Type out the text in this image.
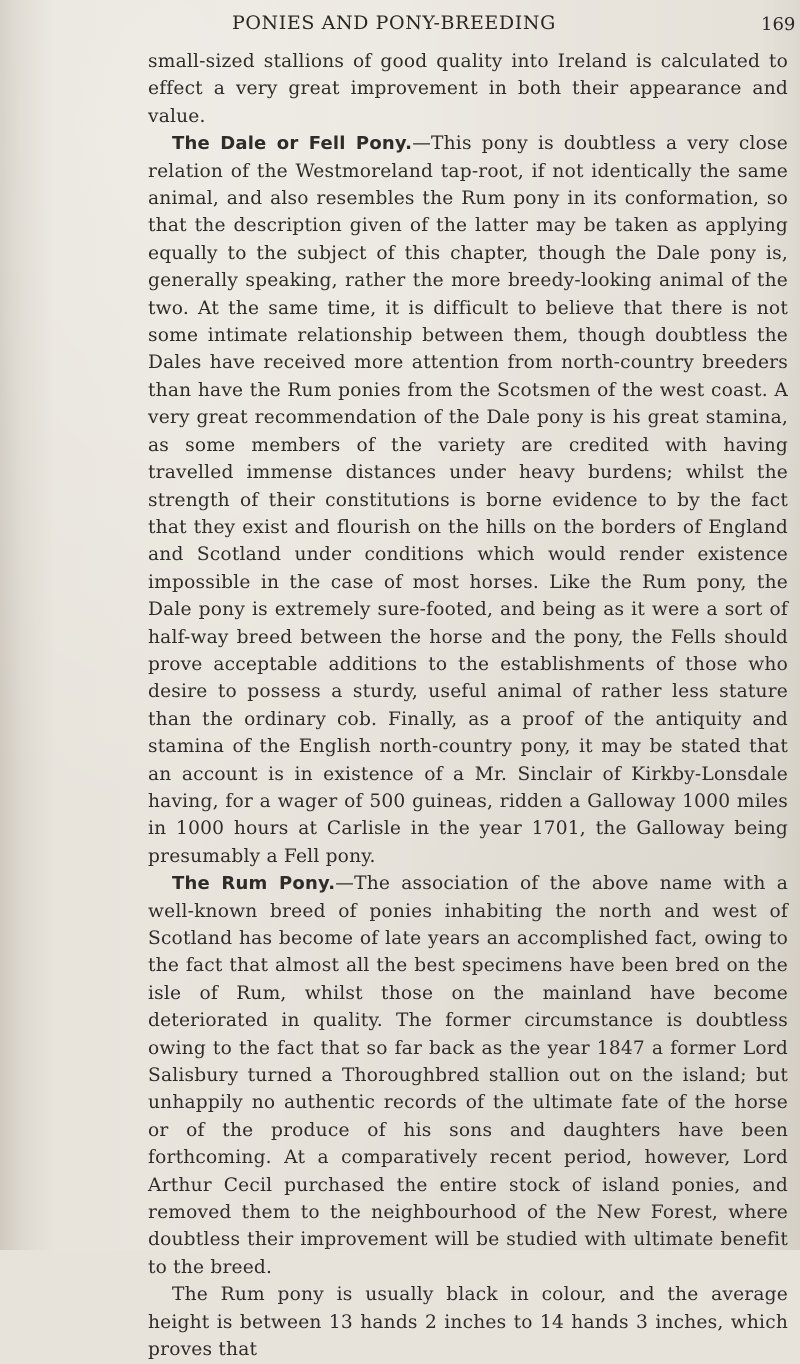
PONIES AND PONY-BREEDING	169

small-sized stallions of good quality into Ireland is calculated to effect a very great improvement in both their appearance and value.

The Dale or Fell Pony.—This pony is doubtless a very close relation of the Westmoreland tap-root, if not identically the same animal, and also resembles the Rum pony in its conformation, so that the description given of the latter may be taken as applying equally to the subject of this chapter, though the Dale pony is, generally speaking, rather the more breedy-looking animal of the two. At the same time, it is difficult to believe that there is not some intimate relationship between them, though doubtless the Dales have received more attention from north-country breeders than have the Rum ponies from the Scotsmen of the west coast. A very great recommendation of the Dale pony is his great stamina, as some members of the variety are credited with having travelled immense distances under heavy burdens; whilst the strength of their constitutions is borne evidence to by the fact that they exist and flourish on the hills on the borders of England and Scotland under conditions which would render existence impossible in the case of most horses. Like the Rum pony, the Dale pony is extremely sure-footed, and being as it were a sort of half-way breed between the horse and the pony, the Fells should prove acceptable additions to the establishments of those who desire to possess a sturdy, useful animal of rather less stature than the ordinary cob. Finally, as a proof of the antiquity and stamina of the English north-country pony, it may be stated that an account is in existence of a Mr. Sinclair of Kirkby-Lonsdale having, for a wager of 500 guineas, ridden a Galloway 1000 miles in 1000 hours at Carlisle in the year 1701, the Galloway being presumably a Fell pony.

The Rum Pony.—The association of the above name with a well-known breed of ponies inhabiting the north and west of Scotland has become of late years an accomplished fact, owing to the fact that almost all the best specimens have been bred on the isle of Rum, whilst those on the mainland have become deteriorated in quality. The former circumstance is doubtless owing to the fact that so far back as the year 1847 a former Lord Salisbury turned a Thoroughbred stallion out on the island; but unhappily no authentic records of the ultimate fate of the horse or of the produce of his sons and daughters have been forthcoming. At a comparatively recent period, however, Lord Arthur Cecil purchased the entire stock of island ponies, and removed them to the neighbourhood of the New Forest, where doubtless their improvement will be studied with ultimate benefit to the breed.

The Rum pony is usually black in colour, and the average height is between 13 hands 2 inches to 14 hands 3 inches, which proves that
